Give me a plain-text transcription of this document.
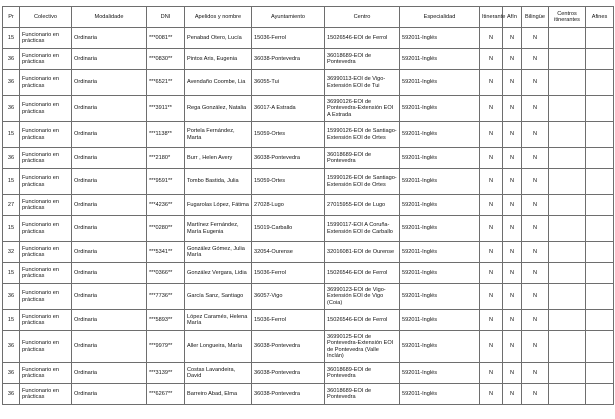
Pr	Colectivo	Modalidade	DNI	Apelidos y nombre	Ayuntamiento	Centro	Especialidad	Itinerante	Afín	Bilingüe	Centros itinerantes	Afines
15	Funcionario en prácticas	Ordinaria	***0081**	Penabad Otero, Lucía	15036-Ferrol	15026546-EOI de Ferrol	592011-Inglés	N	N	N		
36	Funcionario en prácticas	Ordinaria	***0830**	Pintos Aris, Eugenia	36038-Pontevedra	36018689-EOI de Pontevedra	592011-Inglés	N	N	N		
36	Funcionario en prácticas	Ordinaria	***6521**	Avendaño Coombe, Lia	36055-Tui	36990113-EOI de Vigo-Extensión EOI de Tui	592011-Inglés	N	N	N		
36	Funcionario en prácticas	Ordinaria	***3911**	Rega González, Natalia	36017-A Estrada	36990126-EOI de Pontevedra-Extensión EOI A Estrada	592011-Inglés	N	N	N		
15	Funcionario en prácticas	Ordinaria	***1138**	Portela Fernández, Marta	15059-Ortes	15990126-EOI de Santiago-Extensión EOI de Ortes	592011-Inglés	N	N	N		
36	Funcionario en prácticas	Ordinaria	***2180*	Burr , Helen Avery	36038-Pontevedra	36018689-EOI de Pontevedra	592011-Inglés	N	N	N		
15	Funcionario en prácticas	Ordinaria	***9591**	Tombo Bastida, Julia	15059-Ortes	15990126-EOI de Santiago-Extensión EOI de Ortes	592011-Inglés	N	N	N		
27	Funcionario en prácticas	Ordinaria	***4236**	Fugarolas López, Fátima	27028-Lugo	27015955-EOI de Lugo	592011-Inglés	N	N	N		
15	Funcionario en prácticas	Ordinaria	***0280**	Martínez Fernández, María Eugenia	15019-Carballo	15990117-EOI A Coruña-Extensión EOI de Carballo	592011-Inglés	N	N	N		
32	Funcionario en prácticas	Ordinaria	***5341**	González Gómez, Julia María	32054-Ourense	32016081-EOI de Ourense	592011-Inglés	N	N	N		
15	Funcionario en prácticas	Ordinaria	***0366**	González Vergara, Lidia	15036-Ferrol	15026546-EOI de Ferrol	592011-Inglés	N	N	N		
36	Funcionario en prácticas	Ordinaria	***7736**	García Sanz, Santiago	36057-Vigo	36990123-EOI de Vigo-Extensión EOI de Vigo (Coia)	592011-Inglés	N	N	N		
15	Funcionario en prácticas	Ordinaria	***5893**	López Caramés, Helena María	15036-Ferrol	15026546-EOI de Ferrol	592011-Inglés	N	N	N		
36	Funcionario en prácticas	Ordinaria	***9979**	Aller Longueira, María	36038-Pontevedra	36990125-EOI de Pontevedra-Extensión EOI de Pontevedra (Valle Inclán)	592011-Inglés	N	N	N		
36	Funcionario en prácticas	Ordinaria	***3139**	Costas Lavandeira, David	36038-Pontevedra	36018689-EOI de Pontevedra	592011-Inglés	N	N	N		
36	Funcionario en prácticas	Ordinaria	***6267**	Barreiro Abad, Elma	36038-Pontevedra	36018689-EOI de Pontevedra	592011-Inglés	N	N	N		
